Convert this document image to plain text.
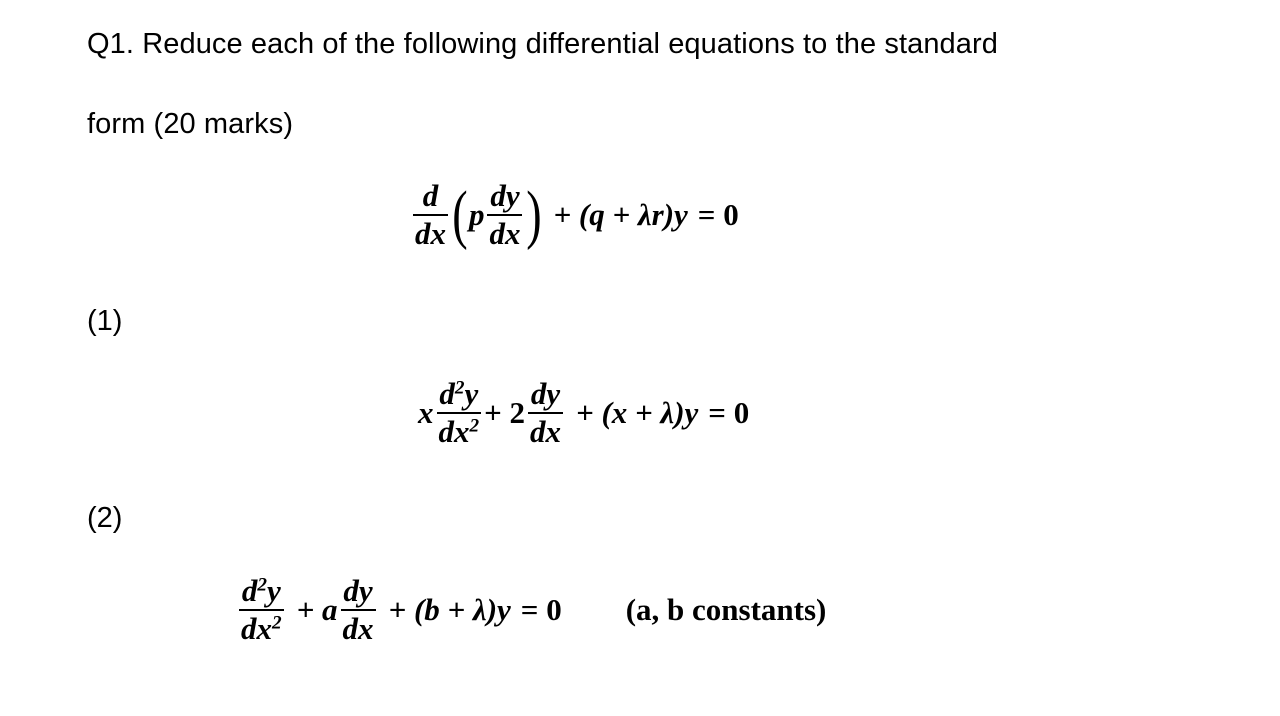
Q1. Reduce each of the following differential equations to the standard
form (20 marks)
$\frac{d}{dx}$ ( p $\frac{dy}{dx}$ ) + (q + λr)y = 0
(1)
x $\frac{d^2y}{dx^2} + 2 \frac{dy}{dx} + (x + \lambda)y = 0$
(2)
$\frac{d^2y}{dx^2} + a \frac{dy}{dx} + (b + \lambda)y = 0$ (a, b constants)
